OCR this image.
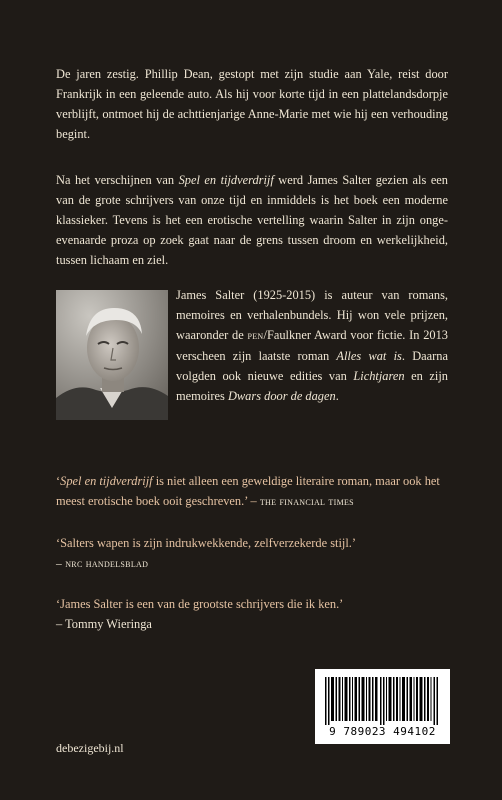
De jaren zestig. Phillip Dean, gestopt met zijn studie aan Yale, reist door Frankrijk in een geleende auto. Als hij voor korte tijd in een plattelandsdorpje verblijft, ontmoet hij de achttienjarige Anne-Marie met wie hij een verhouding begint.

Na het verschijnen van Spel en tijdverdrijf werd James Salter gezien als een van de grote schrijvers van onze tijd en inmiddels is het boek een moderne klassieker. Tevens is het een erotische vertelling waarin Salter in zijn ongeevenaarde proza op zoek gaat naar de grens tussen droom en werkelijkheid, tussen lichaam en ziel.

James Salter (1925-2015) is auteur van romans, memoires en verhalenbundels. Hij won vele prijzen, waaronder de pen/Faulkner Award voor fictie. In 2013 verscheen zijn laatste roman Alles wat is. Daarna volgden ook nieuwe edities van Lichtjaren en zijn memoires Dwars door de dagen.

‘Spel en tijdverdrijf is niet alleen een geweldige literaire roman, maar ook het meest erotische boek ooit geschreven.’ – the financial times

‘Salters wapen is zijn indrukwekkende, zelfverzekerde stijl.’
– nrc handelsblad

‘James Salter is een van de grootste schrijvers die ik ken.’
– Tommy Wieringa

9 789023 494102

debezigebij.nl
